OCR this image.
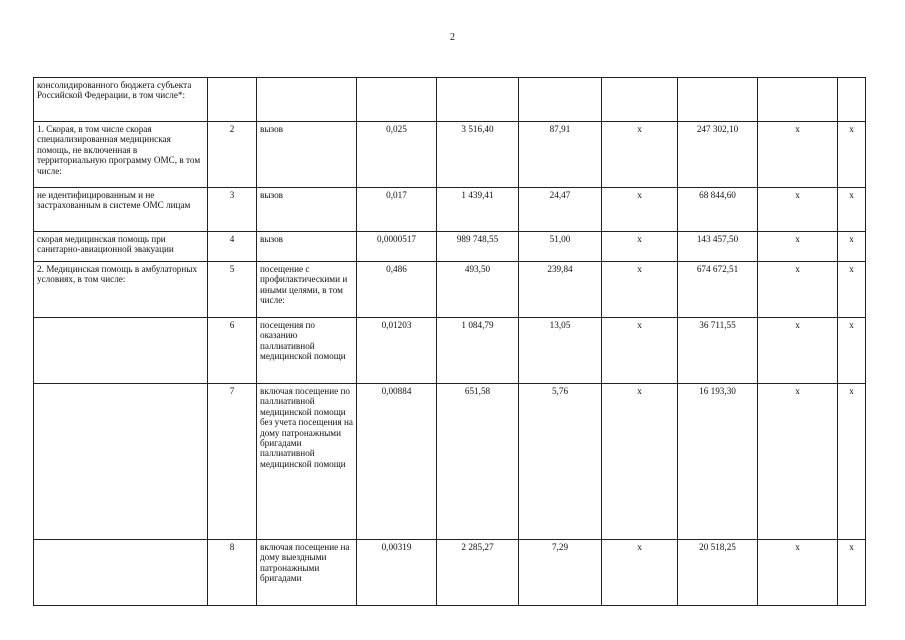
2
консолидированного бюджета субъекта Российской Федерации, в том числе*:									
1. Скорая, в том числе скорая специализированная медицинская помощь, не включенная в территориальную программу ОМС, в том числе:	2	вызов	0,025	3 516,40	87,91	x	247 302,10	x	x
не идентифицированным и не застрахованным в системе ОМС лицам	3	вызов	0,017	1 439,41	24,47	x	68 844,60	x	x
скорая медицинская помощь при санитарно-авиационной эвакуации	4	вызов	0,0000517	989 748,55	51,00	x	143 457,50	x	x
2. Медицинская помощь в амбулаторных условиях, в том числе:	5	посещение с профилактическими и иными целями, в том числе:	0,486	493,50	239,84	x	674 672,51	x	x
	6	посещения по оказанию паллиативной медицинской помощи	0,01203	1 084,79	13,05	x	36 711,55	x	x
	7	включая посещение по паллиативной медицинской помощи без учета посещения на дому патронажными бригадами паллиативной медицинской помощи	0,00884	651,58	5,76	x	16 193,30	x	x
	8	включая посещение на дому выездными патронажными бригадами	0,00319	2 285,27	7,29	x	20 518,25	x	x
